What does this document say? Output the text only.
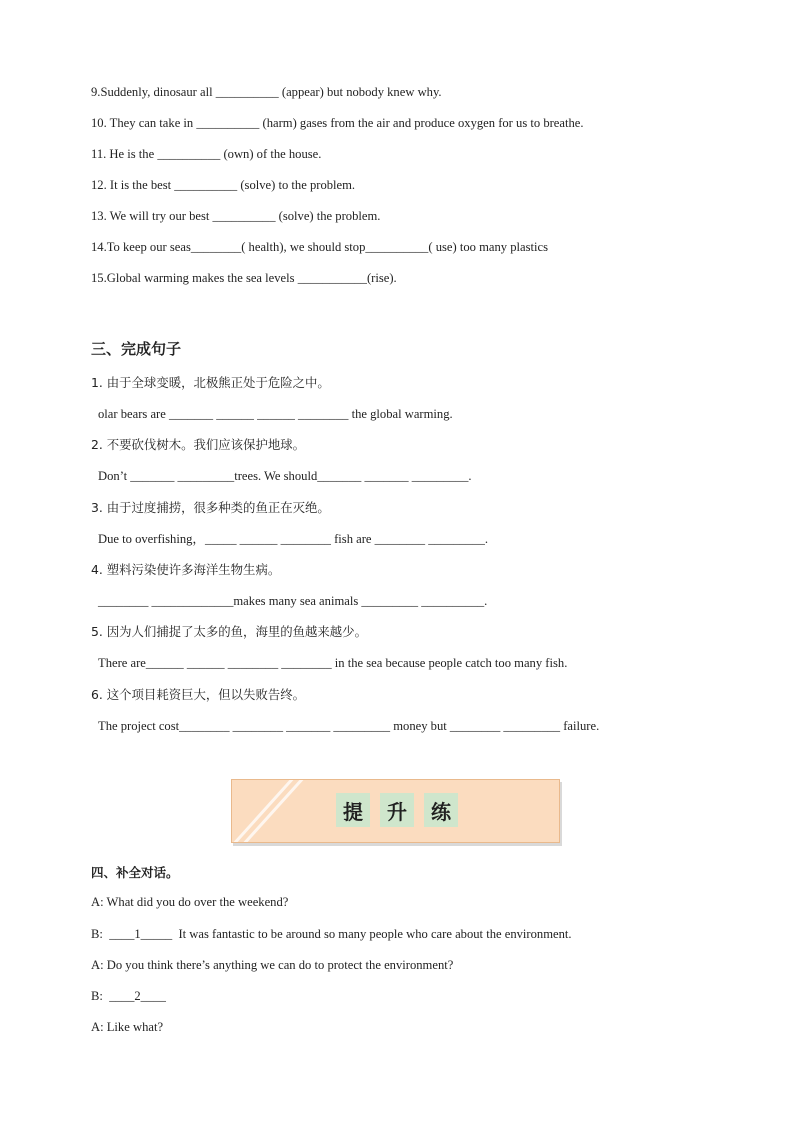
9.Suddenly, dinosaur all __________ (appear) but nobody knew why.
10. They can take in __________ (harm) gases from the air and produce oxygen for us to breathe.
11. He is the __________ (own) of the house.
12. It is the best __________ (solve) to the problem.
13. We will try our best __________ (solve) the problem.
14.To keep our seas________( health), we should stop__________( use) too many plastics
15.Global warming makes the sea levels ___________(rise).
三、完成句子
1. 由于全球变暖，北极熊正处于危险之中。
olar bears are _______ ______ ______ ________ the global warming.
2. 不要砍伐树木。我们应该保护地球。
Don’t _______ _________trees. We should_______ _______ _________.
3. 由于过度捕捞，很多种类的鱼正在灭绝。
Due to overfishing，_____ ______ ________ fish are ________ _________.
4. 塑料污染使许多海洋生物生病。
________ _____________makes many sea animals _________ __________.
5. 因为人们捕捉了太多的鱼，海里的鱼越来越少。
There are______ ______ ________ ________ in the sea because people catch too many fish.
6. 这个项目耗资巨大，但以失败告终。
The project cost________ ________ _______ _________ money but ________ _________ failure.
提	升	练
四、补全对话。
A: What did you do over the weekend?
B:  ____1_____  It was fantastic to be around so many people who care about the environment.
A: Do you think there’s anything we can do to protect the environment?
B:  ____2____
A: Like what?
